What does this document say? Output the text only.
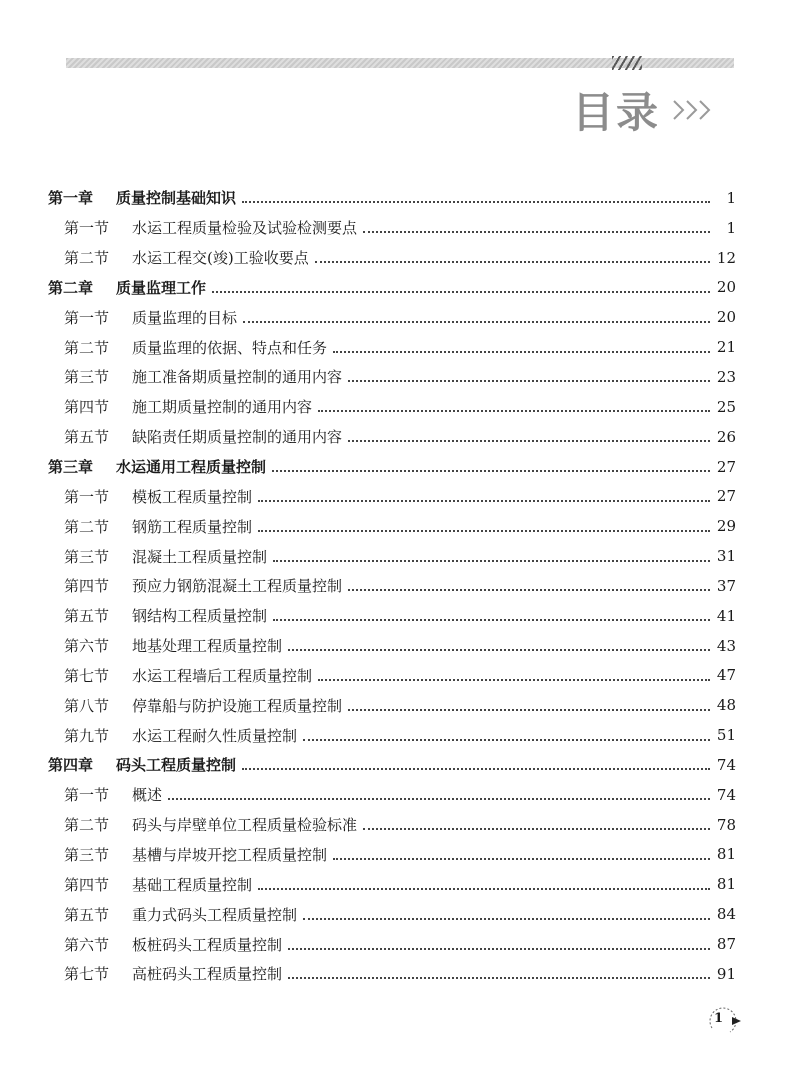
目录
第一章	质量控制基础知识	1
第一节	水运工程质量检验及试验检测要点	1
第二节	水运工程交(竣)工验收要点	12
第二章	质量监理工作	20
第一节	质量监理的目标	20
第二节	质量监理的依据、特点和任务	21
第三节	施工准备期质量控制的通用内容	23
第四节	施工期质量控制的通用内容	25
第五节	缺陷责任期质量控制的通用内容	26
第三章	水运通用工程质量控制	27
第一节	模板工程质量控制	27
第二节	钢筋工程质量控制	29
第三节	混凝土工程质量控制	31
第四节	预应力钢筋混凝土工程质量控制	37
第五节	钢结构工程质量控制	41
第六节	地基处理工程质量控制	43
第七节	水运工程墙后工程质量控制	47
第八节	停靠船与防护设施工程质量控制	48
第九节	水运工程耐久性质量控制	51
第四章	码头工程质量控制	74
第一节	概述	74
第二节	码头与岸壁单位工程质量检验标准	78
第三节	基槽与岸坡开挖工程质量控制	81
第四节	基础工程质量控制	81
第五节	重力式码头工程质量控制	84
第六节	板桩码头工程质量控制	87
第七节	高桩码头工程质量控制	91
1
